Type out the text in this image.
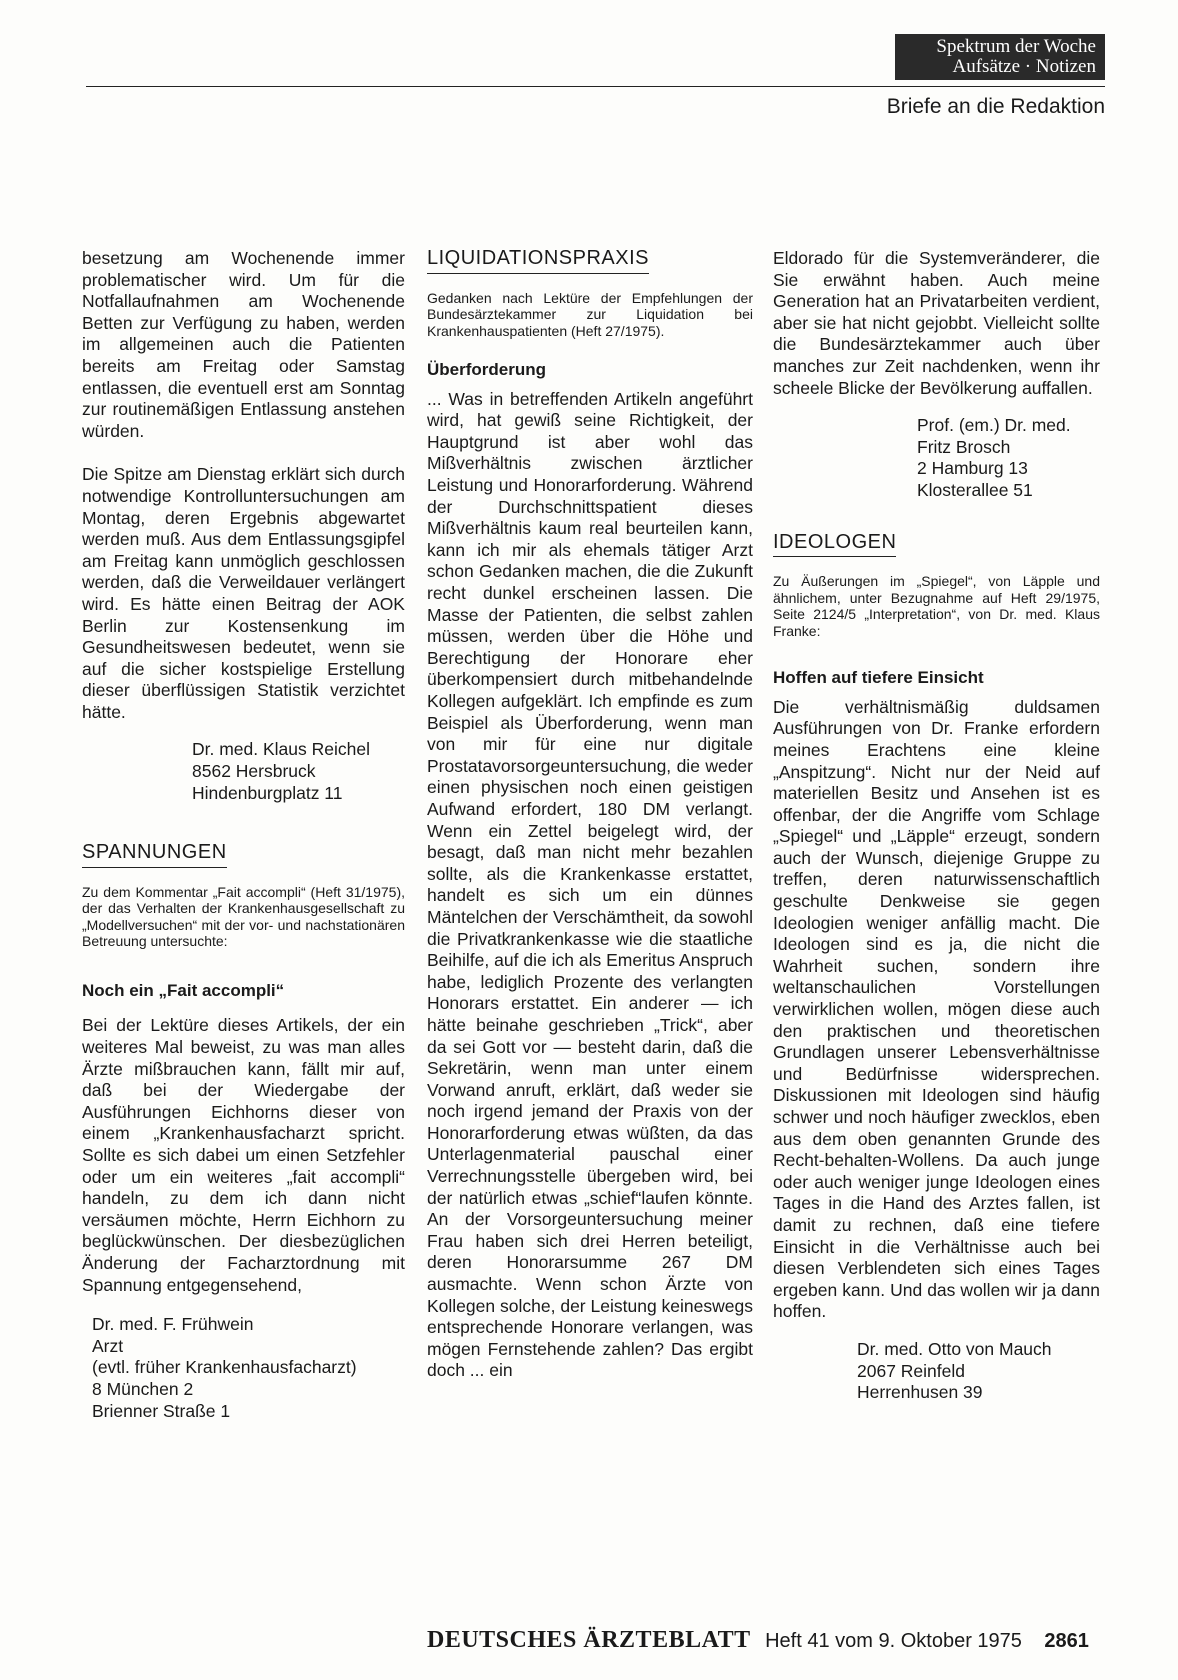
Spektrum der Woche
Aufsätze · Notizen
Briefe an die Redaktion

besetzung am Wochenende immer problematischer wird. Um für die Notfallaufnahmen am Wochenende Betten zur Verfügung zu haben, werden im allgemeinen auch die Patienten bereits am Freitag oder Samstag entlassen, die eventuell erst am Sonntag zur routinemäßigen Entlassung anstehen würden.

Die Spitze am Dienstag erklärt sich durch notwendige Kontrolluntersuchungen am Montag, deren Ergebnis abgewartet werden muß. Aus dem Entlassungsgipfel am Freitag kann unmöglich geschlossen werden, daß die Verweildauer verlängert wird. Es hätte einen Beitrag der AOK Berlin zur Kostensenkung im Gesundheitswesen bedeutet, wenn sie auf die sicher kostspielige Erstellung dieser überflüssigen Statistik verzichtet hätte.

Dr. med. Klaus Reichel
8562 Hersbruck
Hindenburgplatz 11
SPANNUNGEN

Zu dem Kommentar „Fait accompli“ (Heft 31/1975), der das Verhalten der Krankenhausgesellschaft zu „Modellversuchen“ mit der vor- und nachstationären Betreuung untersuchte:

Noch ein „Fait accompli“

Bei der Lektüre dieses Artikels, der ein weiteres Mal beweist, zu was man alles Ärzte mißbrauchen kann, fällt mir auf, daß bei der Wiedergabe der Ausführungen Eichhorns dieser von einem „Krankenhausfacharzt spricht. Sollte es sich dabei um einen Setzfehler oder um ein weiteres „fait accompli“ handeln, zu dem ich dann nicht versäumen möchte, Herrn Eichhorn zu beglückwünschen. Der diesbezüglichen Änderung der Facharztordnung mit Spannung entgegensehend,

Dr. med. F. Frühwein
Arzt
(evtl. früher Krankenhausfacharzt)
8 München 2
Brienner Straße 1
LIQUIDATIONSPRAXIS

Gedanken nach Lektüre der Empfehlungen der Bundesärztekammer zur Liquidation bei Krankenhauspatienten (Heft 27/1975).

Überforderung

... Was in betreffenden Artikeln angeführt wird, hat gewiß seine Richtigkeit, der Hauptgrund ist aber wohl das Mißverhältnis zwischen ärztlicher Leistung und Honorarforderung. Während der Durchschnittspatient dieses Mißverhältnis kaum real beurteilen kann, kann ich mir als ehemals tätiger Arzt schon Gedanken machen, die die Zukunft recht dunkel erscheinen lassen. Die Masse der Patienten, die selbst zahlen müssen, werden über die Höhe und Berechtigung der Honorare eher überkompensiert durch mitbehandelnde Kollegen aufgeklärt. Ich empfinde es zum Beispiel als Überforderung, wenn man von mir für eine nur digitale Prostatavorsorgeuntersuchung, die weder einen physischen noch einen geistigen Aufwand erfordert, 180 DM verlangt. Wenn ein Zettel beigelegt wird, der besagt, daß man nicht mehr bezahlen sollte, als die Krankenkasse erstattet, handelt es sich um ein dünnes Mäntelchen der Verschämtheit, da sowohl die Privatkrankenkasse wie die staatliche Beihilfe, auf die ich als Emeritus Anspruch habe, lediglich Prozente des verlangten Honorars erstattet. Ein anderer — ich hätte beinahe geschrieben „Trick“, aber da sei Gott vor — besteht darin, daß die Sekretärin, wenn man unter einem Vorwand anruft, erklärt, daß weder sie noch irgend jemand der Praxis von der Honorarforderung etwas wüßten, da das Unterlagenmaterial pauschal einer Verrechnungsstelle übergeben wird, bei der natürlich etwas „schief“laufen könnte. An der Vorsorgeuntersuchung meiner Frau haben sich drei Herren beteiligt, deren Honorarsumme 267 DM ausmachte. Wenn schon Ärzte von Kollegen solche, der Leistung keineswegs entsprechende Honorare verlangen, was mögen Fernstehende zahlen? Das ergibt doch ... ein

Eldorado für die Systemveränderer, die Sie erwähnt haben. Auch meine Generation hat an Privatarbeiten verdient, aber sie hat nicht gejobbt. Vielleicht sollte die Bundesärztekammer auch über manches zur Zeit nachdenken, wenn ihr scheele Blicke der Bevölkerung auffallen.

Prof. (em.) Dr. med.
Fritz Brosch
2 Hamburg 13
Klosterallee 51
IDEOLOGEN

Zu Äußerungen im „Spiegel“, von Läpple und ähnlichem, unter Bezugnahme auf Heft 29/1975, Seite 2124/5 „Interpretation“, von Dr. med. Klaus Franke:

Hoffen auf tiefere Einsicht

Die verhältnismäßig duldsamen Ausführungen von Dr. Franke erfordern meines Erachtens eine kleine „Anspitzung“. Nicht nur der Neid auf materiellen Besitz und Ansehen ist es offenbar, der die Angriffe vom Schlage „Spiegel“ und „Läpple“ erzeugt, sondern auch der Wunsch, diejenige Gruppe zu treffen, deren naturwissenschaftlich geschulte Denkweise sie gegen Ideologien weniger anfällig macht. Die Ideologen sind es ja, die nicht die Wahrheit suchen, sondern ihre weltanschaulichen Vorstellungen verwirklichen wollen, mögen diese auch den praktischen und theoretischen Grundlagen unserer Lebensverhältnisse und Bedürfnisse widersprechen. Diskussionen mit Ideologen sind häufig schwer und noch häufiger zwecklos, eben aus dem oben genannten Grunde des Recht-behalten-Wollens. Da auch junge oder auch weniger junge Ideologen eines Tages in die Hand des Arztes fallen, ist damit zu rechnen, daß eine tiefere Einsicht in die Verhältnisse auch bei diesen Verblendeten sich eines Tages ergeben kann. Und das wollen wir ja dann hoffen.

Dr. med. Otto von Mauch
2067 Reinfeld
Herrenhusen 39
DEUTSCHES ÄRZTEBLATT Heft 41 vom 9. Oktober 1975 2861
